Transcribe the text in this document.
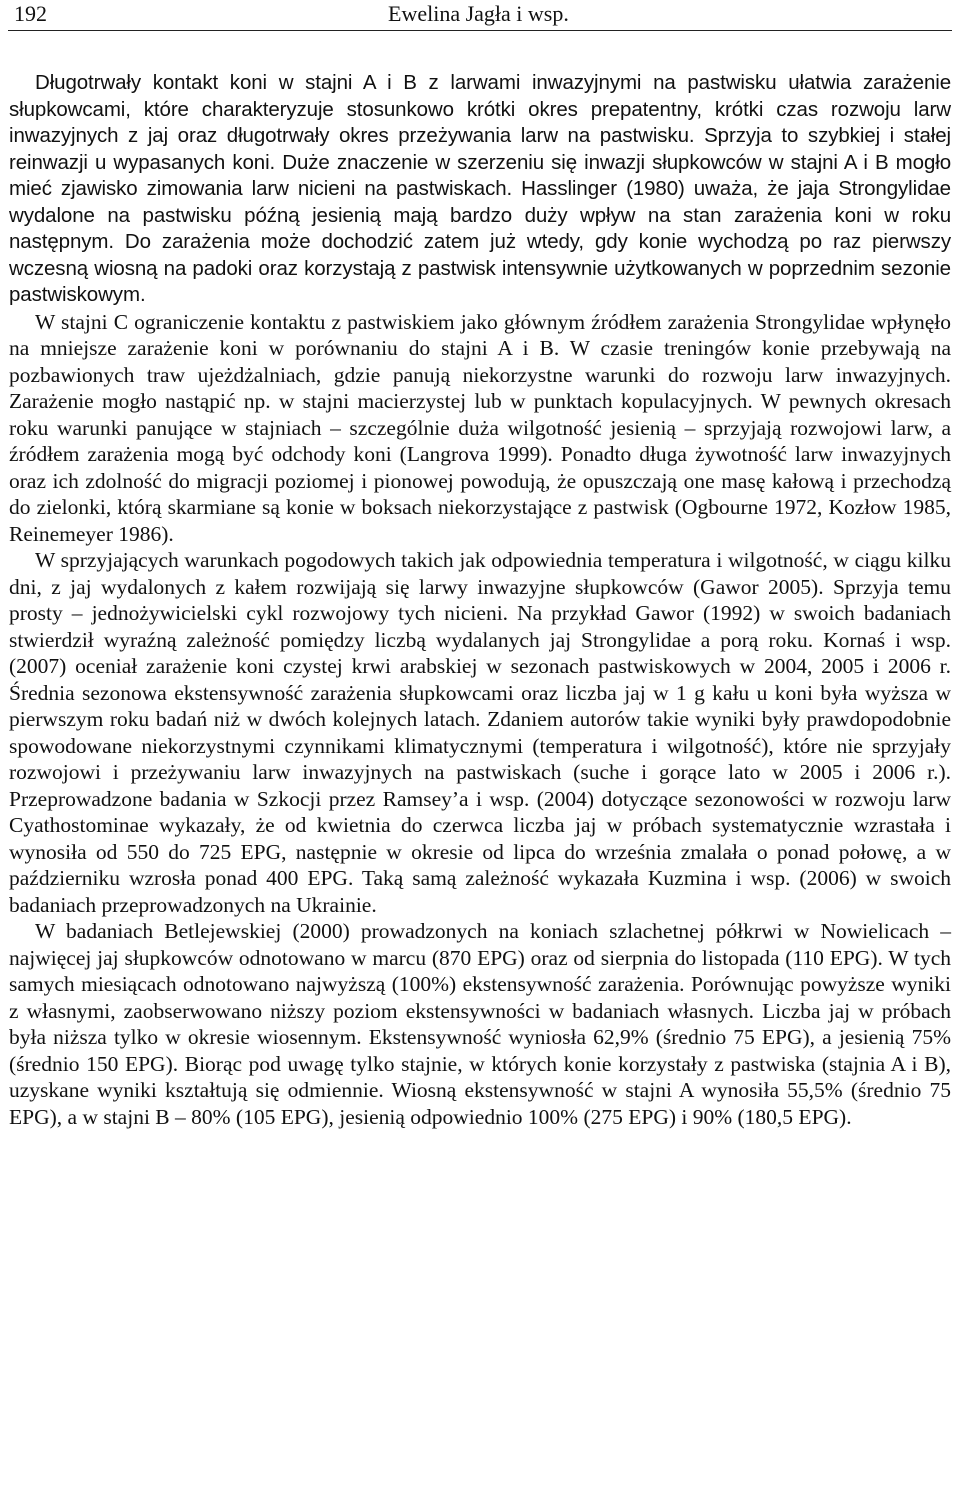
192	Ewelina Jagła i wsp.

Długotrwały kontakt koni w stajni A i B z larwami inwazyjnymi na pastwisku ułatwia zarażenie słupkowcami, które charakteryzuje stosunkowo krótki okres prepatentny, krótki czas rozwoju larw inwazyjnych z jaj oraz długotrwały okres przeżywania larw na pastwisku. Sprzyja to szybkiej i stałej reinwazji u wypasanych koni. Duże znaczenie w szerzeniu się inwazji słupkowców w stajni A i B mogło mieć zjawisko zimowania larw nicieni na pastwiskach. Hasslinger (1980) uważa, że jaja Strongylidae wydalone na pastwisku późną jesienią mają bardzo duży wpływ na stan zarażenia koni w roku następnym. Do zarażenia może dochodzić zatem już wtedy, gdy konie wychodzą po raz pierwszy wczesną wiosną na padoki oraz korzystają z pastwisk intensywnie użytkowanych w poprzednim sezonie pastwiskowym.

W stajni C ograniczenie kontaktu z pastwiskiem jako głównym źródłem zarażenia Strongylidae wpłynęło na mniejsze zarażenie koni w porównaniu do stajni A i B. W czasie treningów konie przebywają na pozbawionych traw ujeżdżalniach, gdzie panują niekorzystne warunki do rozwoju larw inwazyjnych. Zarażenie mogło nastąpić np. w stajni macierzystej lub w punktach kopulacyjnych. W pewnych okresach roku warunki panujące w stajniach – szczególnie duża wilgotność jesienią – sprzyjają rozwojowi larw, a źródłem zarażenia mogą być odchody koni (Langrova 1999). Ponadto długa żywotność larw inwazyjnych oraz ich zdolność do migracji poziomej i pionowej powodują, że opuszczają one masę kałową i przechodzą do zielonki, którą skarmiane są konie w boksach niekorzystające z pastwisk (Ogbourne 1972, Kozłow 1985, Reinemeyer 1986).

W sprzyjających warunkach pogodowych takich jak odpowiednia temperatura i wilgotność, w ciągu kilku dni, z jaj wydalonych z kałem rozwijają się larwy inwazyjne słupkowców (Gawor 2005). Sprzyja temu prosty – jednożywicielski cykl rozwojowy tych nicieni. Na przykład Gawor (1992) w swoich badaniach stwierdził wyraźną zależność pomiędzy liczbą wydalanych jaj Strongylidae a porą roku. Kornaś i wsp. (2007) oceniał zarażenie koni czystej krwi arabskiej w sezonach pastwiskowych w 2004, 2005 i 2006 r. Średnia sezonowa ekstensywność zarażenia słupkowcami oraz liczba jaj w 1 g kału u koni była wyższa w pierwszym roku badań niż w dwóch kolejnych latach. Zdaniem autorów takie wyniki były prawdopodobnie spowodowane niekorzystnymi czynnikami klimatycznymi (temperatura i wilgotność), które nie sprzyjały rozwojowi i przeżywaniu larw inwazyjnych na pastwiskach (suche i gorące lato w 2005 i 2006 r.). Przeprowadzone badania w Szkocji przez Ramsey’a i wsp. (2004) dotyczące sezonowości w rozwoju larw Cyathostominae wykazały, że od kwietnia do czerwca liczba jaj w próbach systematycznie wzrastała i wynosiła od 550 do 725 EPG, następnie w okresie od lipca do września zmalała o ponad połowę, a w październiku wzrosła ponad 400 EPG. Taką samą zależność wykazała Kuzmina i wsp. (2006) w swoich badaniach przeprowadzonych na Ukrainie.

W badaniach Betlejewskiej (2000) prowadzonych na koniach szlachetnej półkrwi w Nowielicach – najwięcej jaj słupkowców odnotowano w marcu (870 EPG) oraz od sierpnia do listopada (110 EPG). W tych samych miesiącach odnotowano najwyższą (100%) ekstensywność zarażenia. Porównując powyższe wyniki z własnymi, zaobserwowano niższy poziom ekstensywności w badaniach własnych. Liczba jaj w próbach była niższa tylko w okresie wiosennym. Ekstensywność wyniosła 62,9% (średnio 75 EPG), a jesienią 75% (średnio 150 EPG). Biorąc pod uwagę tylko stajnie, w których konie korzystały z pastwiska (stajnia A i B), uzyskane wyniki kształtują się odmiennie. Wiosną ekstensywność w stajni A wynosiła 55,5% (średnio 75 EPG), a w stajni B – 80% (105 EPG), jesienią odpowiednio 100% (275 EPG) i 90% (180,5 EPG).
